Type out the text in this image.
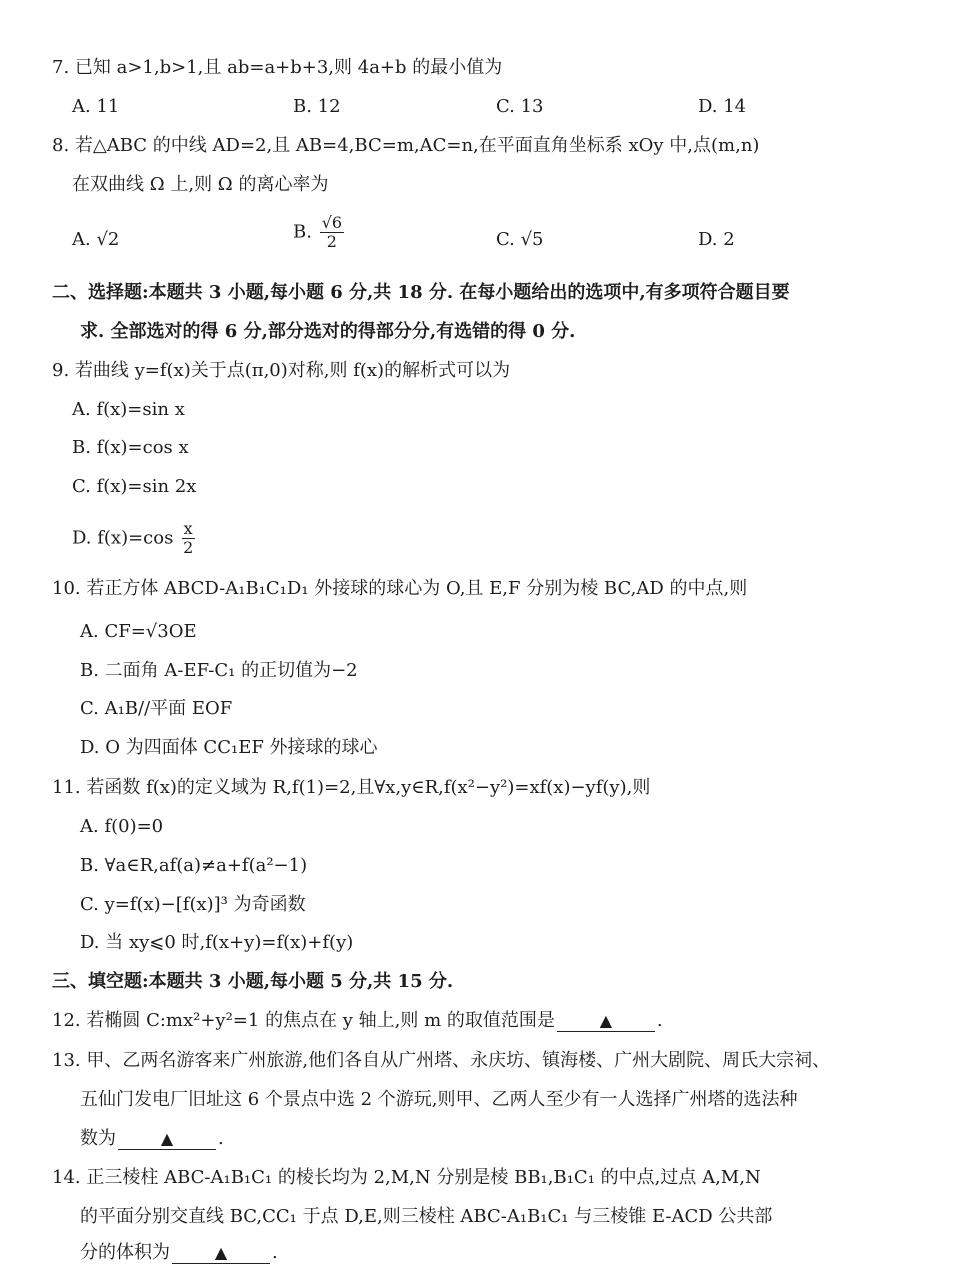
7. 已知 a>1,b>1,且 ab=a+b+3,则 4a+b 的最小值为
A. 11	B. 12	C. 13	D. 14
8. 若△ABC 的中线 AD=2,且 AB=4,BC=m,AC=n,在平面直角坐标系 xOy 中,点(m,n)
在双曲线 Ω 上,则 Ω 的离心率为
A. √2	B. $\frac{√6}{2}$	C. √5	D. 2
二、选择题:本题共 3 小题,每小题 6 分,共 18 分. 在每小题给出的选项中,有多项符合题目要
求. 全部选对的得 6 分,部分选对的得部分分,有选错的得 0 分.
9. 若曲线 y=f(x)关于点(π,0)对称,则 f(x)的解析式可以为
A. f(x)=sin x
B. f(x)=cos x
C. f(x)=sin 2x
D. $f(x)=\cos \frac{x}{2}$
10. 若正方体 ABCD-A₁B₁C₁D₁ 外接球的球心为 O,且 E,F 分别为棱 BC,AD 的中点,则
A. CF=√3OE
B. 二面角 A-EF-C₁ 的正切值为−2
C. A₁B//平面 EOF
D. O 为四面体 CC₁EF 外接球的球心
11. 若函数 f(x)的定义域为 R,f(1)=2,且∀x,y∈R,f(x²−y²)=xf(x)−yf(y),则
A. f(0)=0
B. ∀a∈R,af(a)≠a+f(a²−1)
C. y=f(x)−[f(x)]³ 为奇函数
D. 当 xy⩽0 时,f(x+y)=f(x)+f(y)
三、填空题:本题共 3 小题,每小题 5 分,共 15 分.
12. 若椭圆 C:mx²+y²=1 的焦点在 y 轴上,则 m 的取值范围是	▲ .
13. 甲、乙两名游客来广州旅游,他们各自从广州塔、永庆坊、镇海楼、广州大剧院、周氏大宗祠、
五仙门发电厂旧址这 6 个景点中选 2 个游玩,则甲、乙两人至少有一人选择广州塔的选法种
数为	▲ .
14. 正三棱柱 ABC-A₁B₁C₁ 的棱长均为 2,M,N 分别是棱 BB₁,B₁C₁ 的中点,过点 A,M,N
的平面分别交直线 BC,CC₁ 于点 D,E,则三棱柱 ABC-A₁B₁C₁ 与三棱锥 E-ACD 公共部
分的体积为	▲ .
